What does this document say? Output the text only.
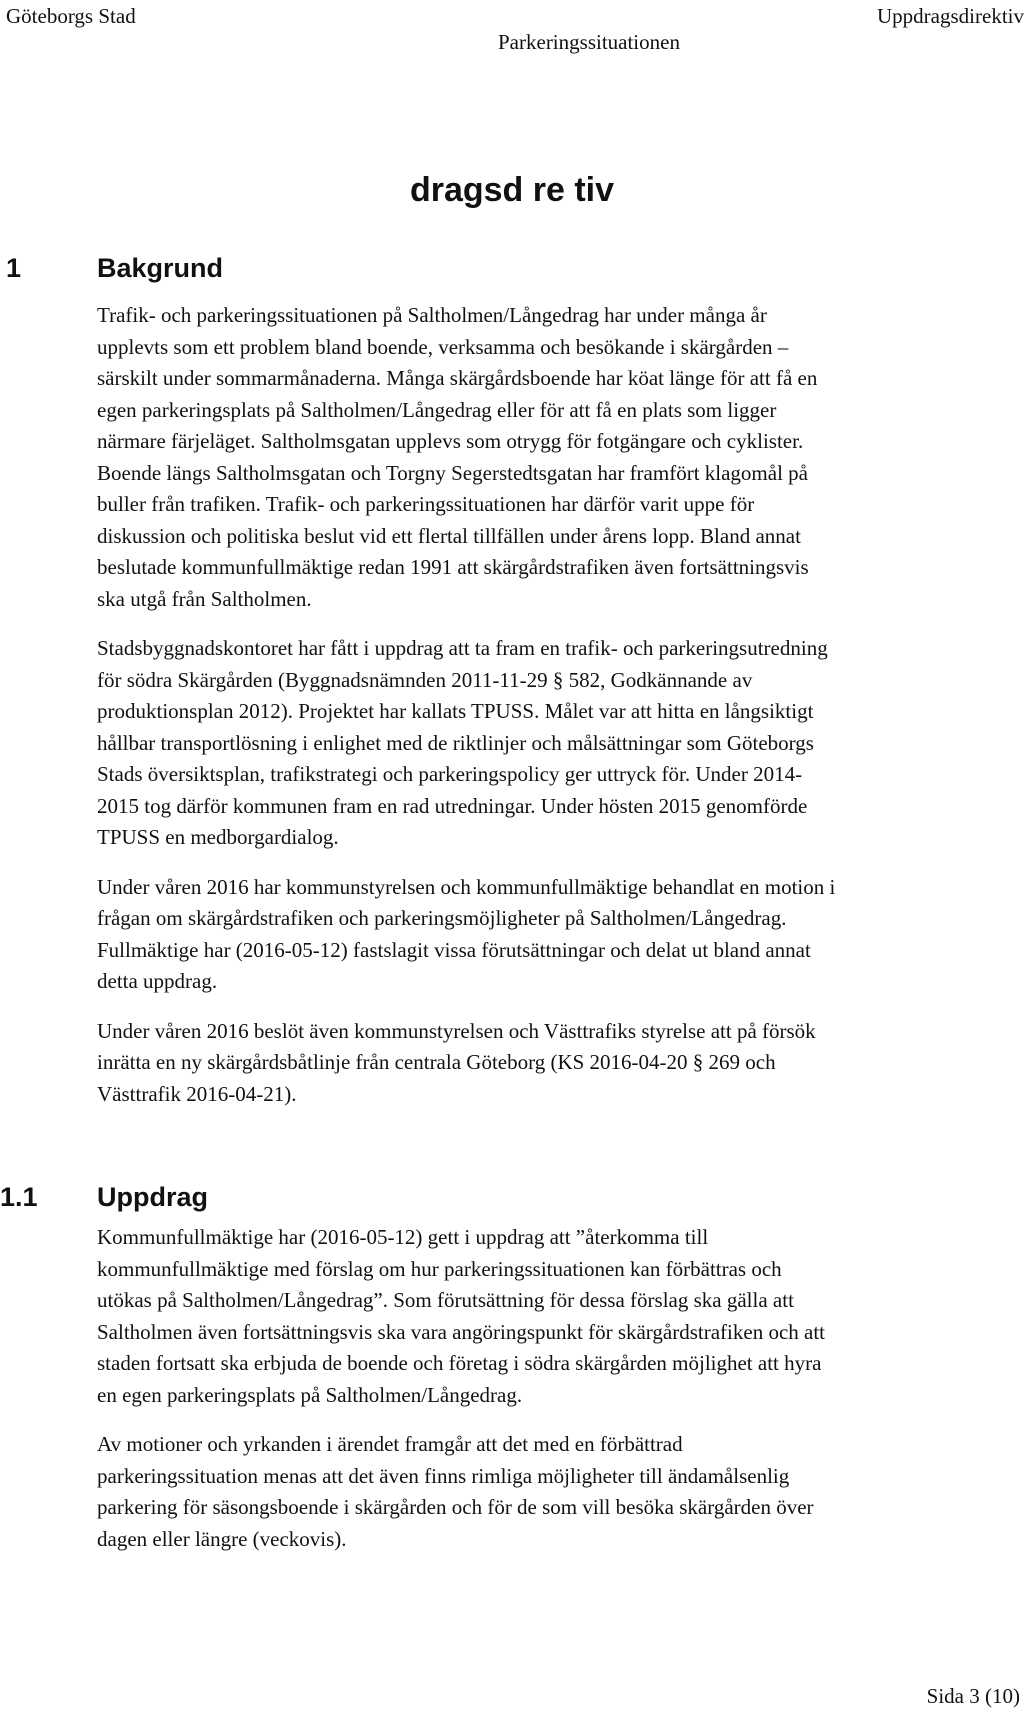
Göteborgs Stad
Parkeringssituationen
Uppdragsdirektiv
dragsd re tiv
1	Bakgrund

Trafik- och parkeringssituationen på Saltholmen/Långedrag har under många år
upplevts som ett problem bland boende, verksamma och besökande i skärgården –
särskilt under sommarmånaderna. Många skärgårdsboende har köat länge för att få en
egen parkeringsplats på Saltholmen/Långedrag eller för att få en plats som ligger
närmare färjeläget. Saltholmsgatan upplevs som otrygg för fotgängare och cyklister.
Boende längs Saltholmsgatan och Torgny Segerstedtsgatan har framfört klagomål på
buller från trafiken. Trafik- och parkeringssituationen har därför varit uppe för
diskussion och politiska beslut vid ett flertal tillfällen under årens lopp. Bland annat
beslutade kommunfullmäktige redan 1991 att skärgårdstrafiken även fortsättningsvis
ska utgå från Saltholmen.

Stadsbyggnadskontoret har fått i uppdrag att ta fram en trafik- och parkeringsutredning
för södra Skärgården (Byggnadsnämnden 2011-11-29 § 582, Godkännande av
produktionsplan 2012). Projektet har kallats TPUSS. Målet var att hitta en långsiktigt
hållbar transportlösning i enlighet med de riktlinjer och målsättningar som Göteborgs
Stads översiktsplan, trafikstrategi och parkeringspolicy ger uttryck för. Under 2014-
2015 tog därför kommunen fram en rad utredningar. Under hösten 2015 genomförde
TPUSS en medborgardialog.

Under våren 2016 har kommunstyrelsen och kommunfullmäktige behandlat en motion i
frågan om skärgårdstrafiken och parkeringsmöjligheter på Saltholmen/Långedrag.
Fullmäktige har (2016-05-12) fastslagit vissa förutsättningar och delat ut bland annat
detta uppdrag.

Under våren 2016 beslöt även kommunstyrelsen och Västtrafiks styrelse att på försök
inrätta en ny skärgårdsbåtlinje från centrala Göteborg (KS 2016-04-20 § 269 och
Västtrafik 2016-04-21).

1.1 Uppdrag

Kommunfullmäktige har (2016-05-12) gett i uppdrag att ”återkomma till
kommunfullmäktige med förslag om hur parkeringssituationen kan förbättras och
utökas på Saltholmen/Långedrag”. Som förutsättning för dessa förslag ska gälla att
Saltholmen även fortsättningsvis ska vara angöringspunkt för skärgårdstrafiken och att
staden fortsatt ska erbjuda de boende och företag i södra skärgården möjlighet att hyra
en egen parkeringsplats på Saltholmen/Långedrag.

Av motioner och yrkanden i ärendet framgår att det med en förbättrad
parkeringssituation menas att det även finns rimliga möjligheter till ändamålsenlig
parkering för säsongsboende i skärgården och för de som vill besöka skärgården över
dagen eller längre (veckovis).

Sida 3 (10)
